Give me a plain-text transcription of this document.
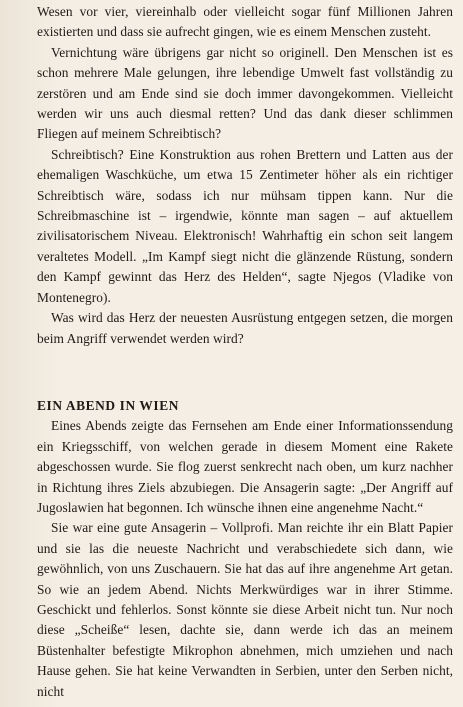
Wesen vor vier, viereinhalb oder vielleicht sogar fünf Millionen Jahren existierten und dass sie aufrecht gingen, wie es einem Menschen zusteht.

Vernichtung wäre übrigens gar nicht so originell. Den Menschen ist es schon mehrere Male gelungen, ihre lebendige Umwelt fast vollständig zu zerstören und am Ende sind sie doch immer davongekommen. Vielleicht werden wir uns auch diesmal retten? Und das dank dieser schlimmen Fliegen auf meinem Schreibtisch?

Schreibtisch? Eine Konstruktion aus rohen Brettern und Latten aus der ehemaligen Waschküche, um etwa 15 Zentimeter höher als ein richtiger Schreibtisch wäre, sodass ich nur mühsam tippen kann. Nur die Schreibmaschine ist – irgendwie, könnte man sagen – auf aktuellem zivilisatorischem Niveau. Elektronisch! Wahrhaftig ein schon seit langem veraltetes Modell. „Im Kampf siegt nicht die glänzende Rüstung, sondern den Kampf gewinnt das Herz des Helden“, sagte Njegos (Vladike von Montenegro).

Was wird das Herz der neuesten Ausrüstung entgegen setzen, die morgen beim Angriff verwendet werden wird?

EIN ABEND IN WIEN

Eines Abends zeigte das Fernsehen am Ende einer Informationssendung ein Kriegsschiff, von welchen gerade in diesem Moment eine Rakete abgeschossen wurde. Sie flog zuerst senkrecht nach oben, um kurz nachher in Richtung ihres Ziels abzubiegen. Die Ansagerin sagte: „Der Angriff auf Jugoslawien hat begonnen. Ich wünsche ihnen eine angenehme Nacht.“

Sie war eine gute Ansagerin – Vollprofi. Man reichte ihr ein Blatt Papier und sie las die neueste Nachricht und verabschiedete sich dann, wie gewöhnlich, von uns Zuschauern. Sie hat das auf ihre angenehme Art getan. So wie an jedem Abend. Nichts Merkwürdiges war in ihrer Stimme. Geschickt und fehlerlos. Sonst könnte sie diese Arbeit nicht tun. Nur noch diese „Scheiße“ lesen, dachte sie, dann werde ich das an meinem Büstenhalter befestigte Mikrophon abnehmen, mich umziehen und nach Hause gehen. Sie hat keine Verwandten in Serbien, unter den Serben nicht, nicht
